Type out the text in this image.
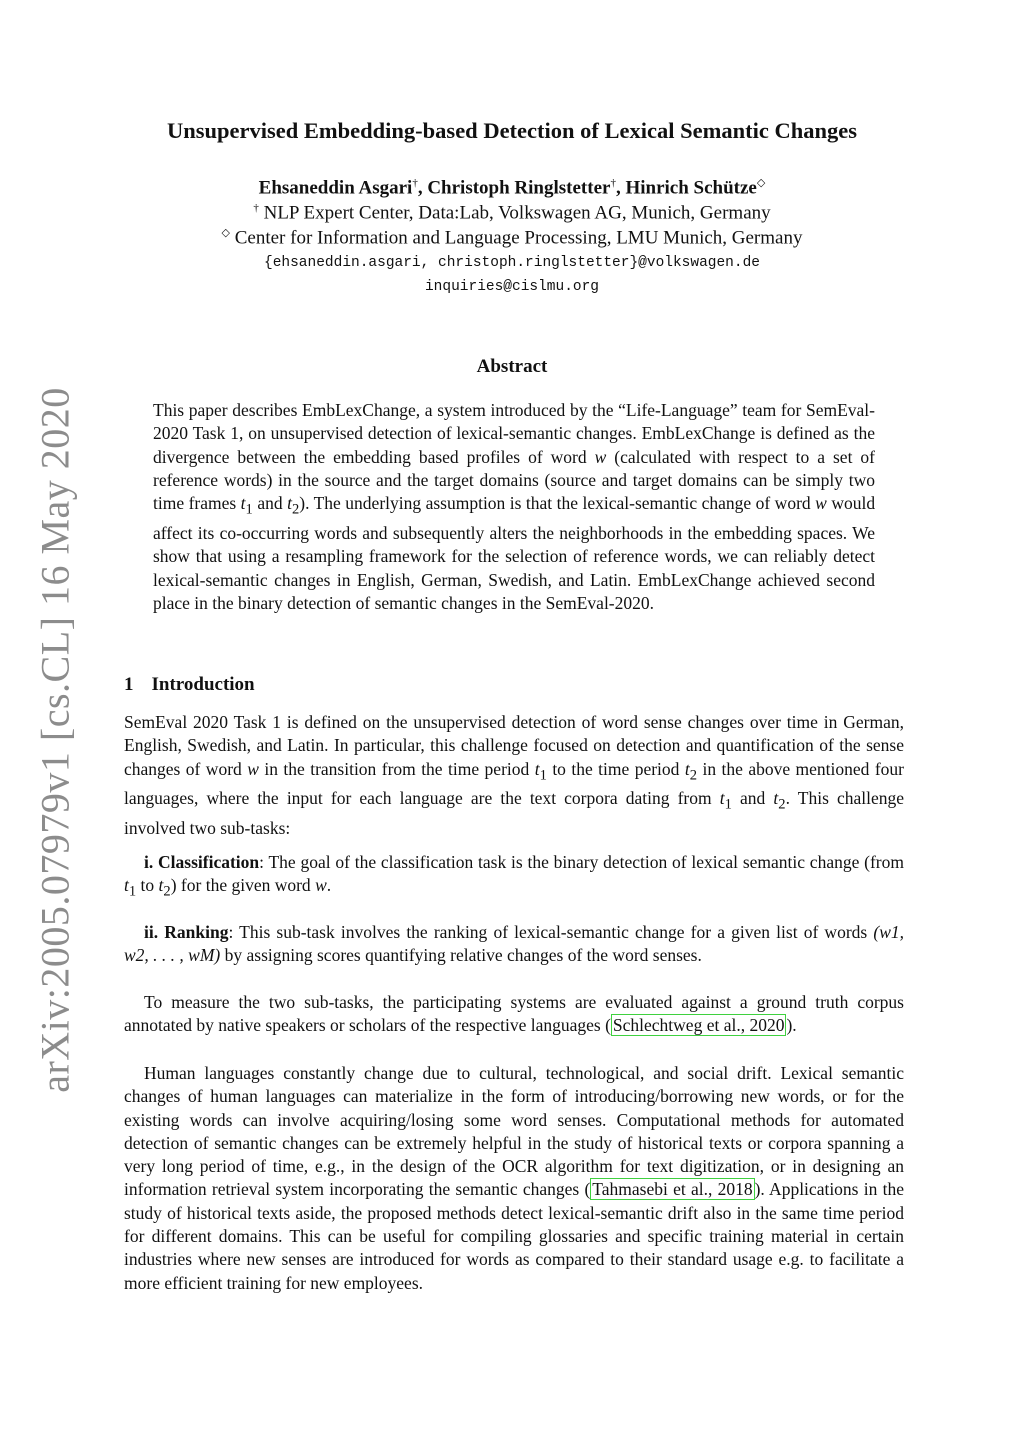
arXiv:2005.07979v1 [cs.CL] 16 May 2020
Unsupervised Embedding-based Detection of Lexical Semantic Changes
Ehsaneddin Asgari†, Christoph Ringlstetter†, Hinrich Schütze◇
† NLP Expert Center, Data:Lab, Volkswagen AG, Munich, Germany
◇ Center for Information and Language Processing, LMU Munich, Germany
{ehsaneddin.asgari, christoph.ringlstetter}@volkswagen.de
inquiries@cislmu.org
Abstract
This paper describes EmbLexChange, a system introduced by the “Life-Language” team for SemEval-2020 Task 1, on unsupervised detection of lexical-semantic changes. EmbLexChange is defined as the divergence between the embedding based profiles of word w (calculated with respect to a set of reference words) in the source and the target domains (source and target domains can be simply two time frames $t_1$ and $t_2$). The underlying assumption is that the lexical-semantic change of word w would affect its co-occurring words and subsequently alters the neighborhoods in the embedding spaces. We show that using a resampling framework for the selection of reference words, we can reliably detect lexical-semantic changes in English, German, Swedish, and Latin. EmbLexChange achieved second place in the binary detection of semantic changes in the SemEval-2020.
1 Introduction
SemEval 2020 Task 1 is defined on the unsupervised detection of word sense changes over time in German, English, Swedish, and Latin. In particular, this challenge focused on detection and quantification of the sense changes of word w in the transition from the time period $t_1$ to the time period $t_2$ in the above mentioned four languages, where the input for each language are the text corpora dating from $t_1$ and $t_2$. This challenge involved two sub-tasks:
i. Classification: The goal of the classification task is the binary detection of lexical semantic change (from $t_1$ to $t_2$) for the given word w.
ii. Ranking: This sub-task involves the ranking of lexical-semantic change for a given list of words (w1, w2, . . . , wM) by assigning scores quantifying relative changes of the word senses.
To measure the two sub-tasks, the participating systems are evaluated against a ground truth corpus annotated by native speakers or scholars of the respective languages ( Schlechtweg et al., 2020 ).
Human languages constantly change due to cultural, technological, and social drift. Lexical semantic changes of human languages can materialize in the form of introducing/borrowing new words, or for the existing words can involve acquiring/losing some word senses. Computational methods for automated detection of semantic changes can be extremely helpful in the study of historical texts or corpora spanning a very long period of time, e.g., in the design of the OCR algorithm for text digitization, or in designing an information retrieval system incorporating the semantic changes ( Tahmasebi et al., 2018 ). Applications in the study of historical texts aside, the proposed methods detect lexical-semantic drift also in the same time period for different domains. This can be useful for compiling glossaries and specific training material in certain industries where new senses are introduced for words as compared to their standard usage e.g. to facilitate a more efficient training for new employees.
